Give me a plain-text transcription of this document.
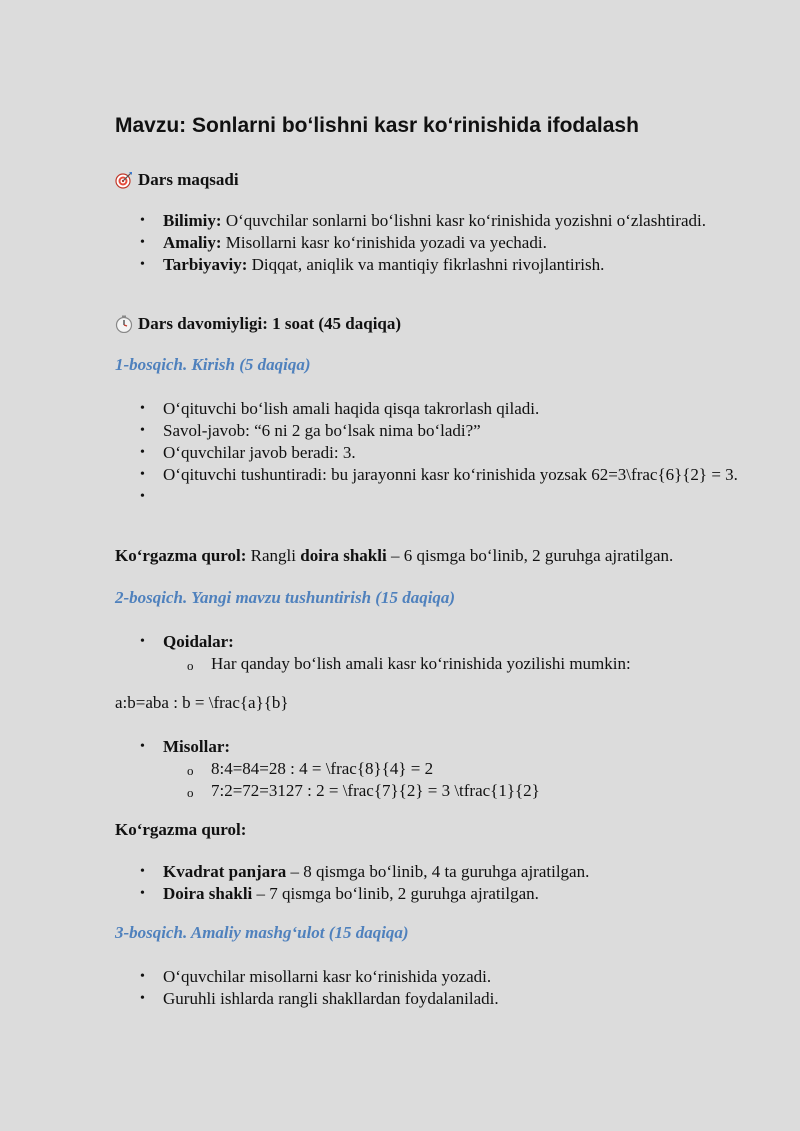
Mavzu: Sonlarni bo‘lishni kasr ko‘rinishida ifodalash
Dars maqsadi
• Bilimiy: O‘quvchilar sonlarni bo‘lishni kasr ko‘rinishida yozishni o‘zlashtiradi.
• Amaliy: Misollarni kasr ko‘rinishida yozadi va yechadi.
• Tarbiyaviy: Diqqat, aniqlik va mantiqiy fikrlashni rivojlantirish.
Dars davomiyligi: 1 soat (45 daqiqa)

1-bosqich. Kirish (5 daqiqa)

• O‘qituvchi bo‘lish amali haqida qisqa takrorlash qiladi.
• Savol-javob: “6 ni 2 ga bo‘lsak nima bo‘ladi?”
• O‘quvchilar javob beradi: 3.
• O‘qituvchi tushuntiradi: bu jarayonni kasr ko‘rinishida yozsak 62=3\frac{6}{2} = 3.
•

Ko‘rgazma qurol: Rangli doira shakli – 6 qismga bo‘linib, 2 guruhga ajratilgan.

2-bosqich. Yangi mavzu tushuntirish (15 daqiqa)

• Qoidalar:
o Har qanday bo‘lish amali kasr ko‘rinishida yozilishi mumkin:

a:b=aba : b = \frac{a}{b}

• Misollar:
o 8:4=84=28 : 4 = \frac{8}{4} = 2
o 7:2=72=3127 : 2 = \frac{7}{2} = 3 \tfrac{1}{2}

Ko‘rgazma qurol:

• Kvadrat panjara – 8 qismga bo‘linib, 4 ta guruhga ajratilgan.
• Doira shakli – 7 qismga bo‘linib, 2 guruhga ajratilgan.

3-bosqich. Amaliy mashg‘ulot (15 daqiqa)

• O‘quvchilar misollarni kasr ko‘rinishida yozadi.
• Guruhli ishlarda rangli shakllardan foydalaniladi.
